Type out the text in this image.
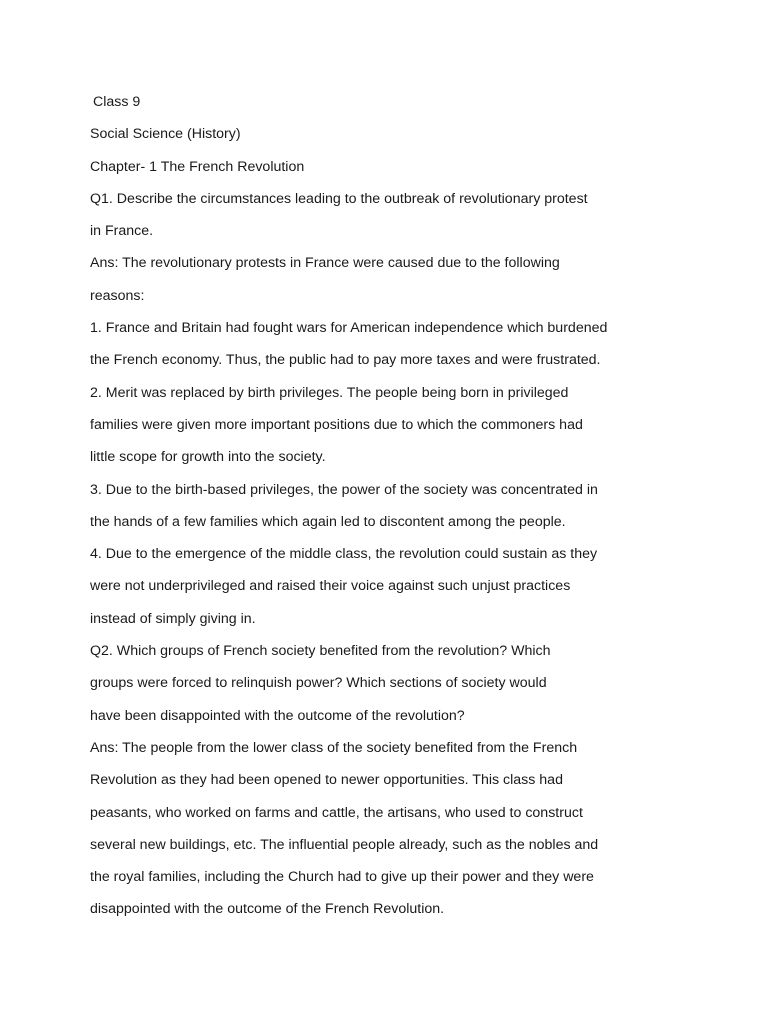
Class 9
Social Science (History)
Chapter- 1 The French Revolution
Q1. Describe the circumstances leading to the outbreak of revolutionary protest
in France.
Ans: The revolutionary protests in France were caused due to the following
reasons:
1. France and Britain had fought wars for American independence which burdened
the French economy. Thus, the public had to pay more taxes and were frustrated.
2. Merit was replaced by birth privileges. The people being born in privileged
families were given more important positions due to which the commoners had
little scope for growth into the society.
3. Due to the birth-based privileges, the power of the society was concentrated in
the hands of a few families which again led to discontent among the people.
4. Due to the emergence of the middle class, the revolution could sustain as they
were not underprivileged and raised their voice against such unjust practices
instead of simply giving in.
Q2. Which groups of French society benefited from the revolution? Which
groups were forced to relinquish power? Which sections of society would
have been disappointed with the outcome of the revolution?
Ans: The people from the lower class of the society benefited from the French
Revolution as they had been opened to newer opportunities. This class had
peasants, who worked on farms and cattle, the artisans, who used to construct
several new buildings, etc. The influential people already, such as the nobles and
the royal families, including the Church had to give up their power and they were
disappointed with the outcome of the French Revolution.
